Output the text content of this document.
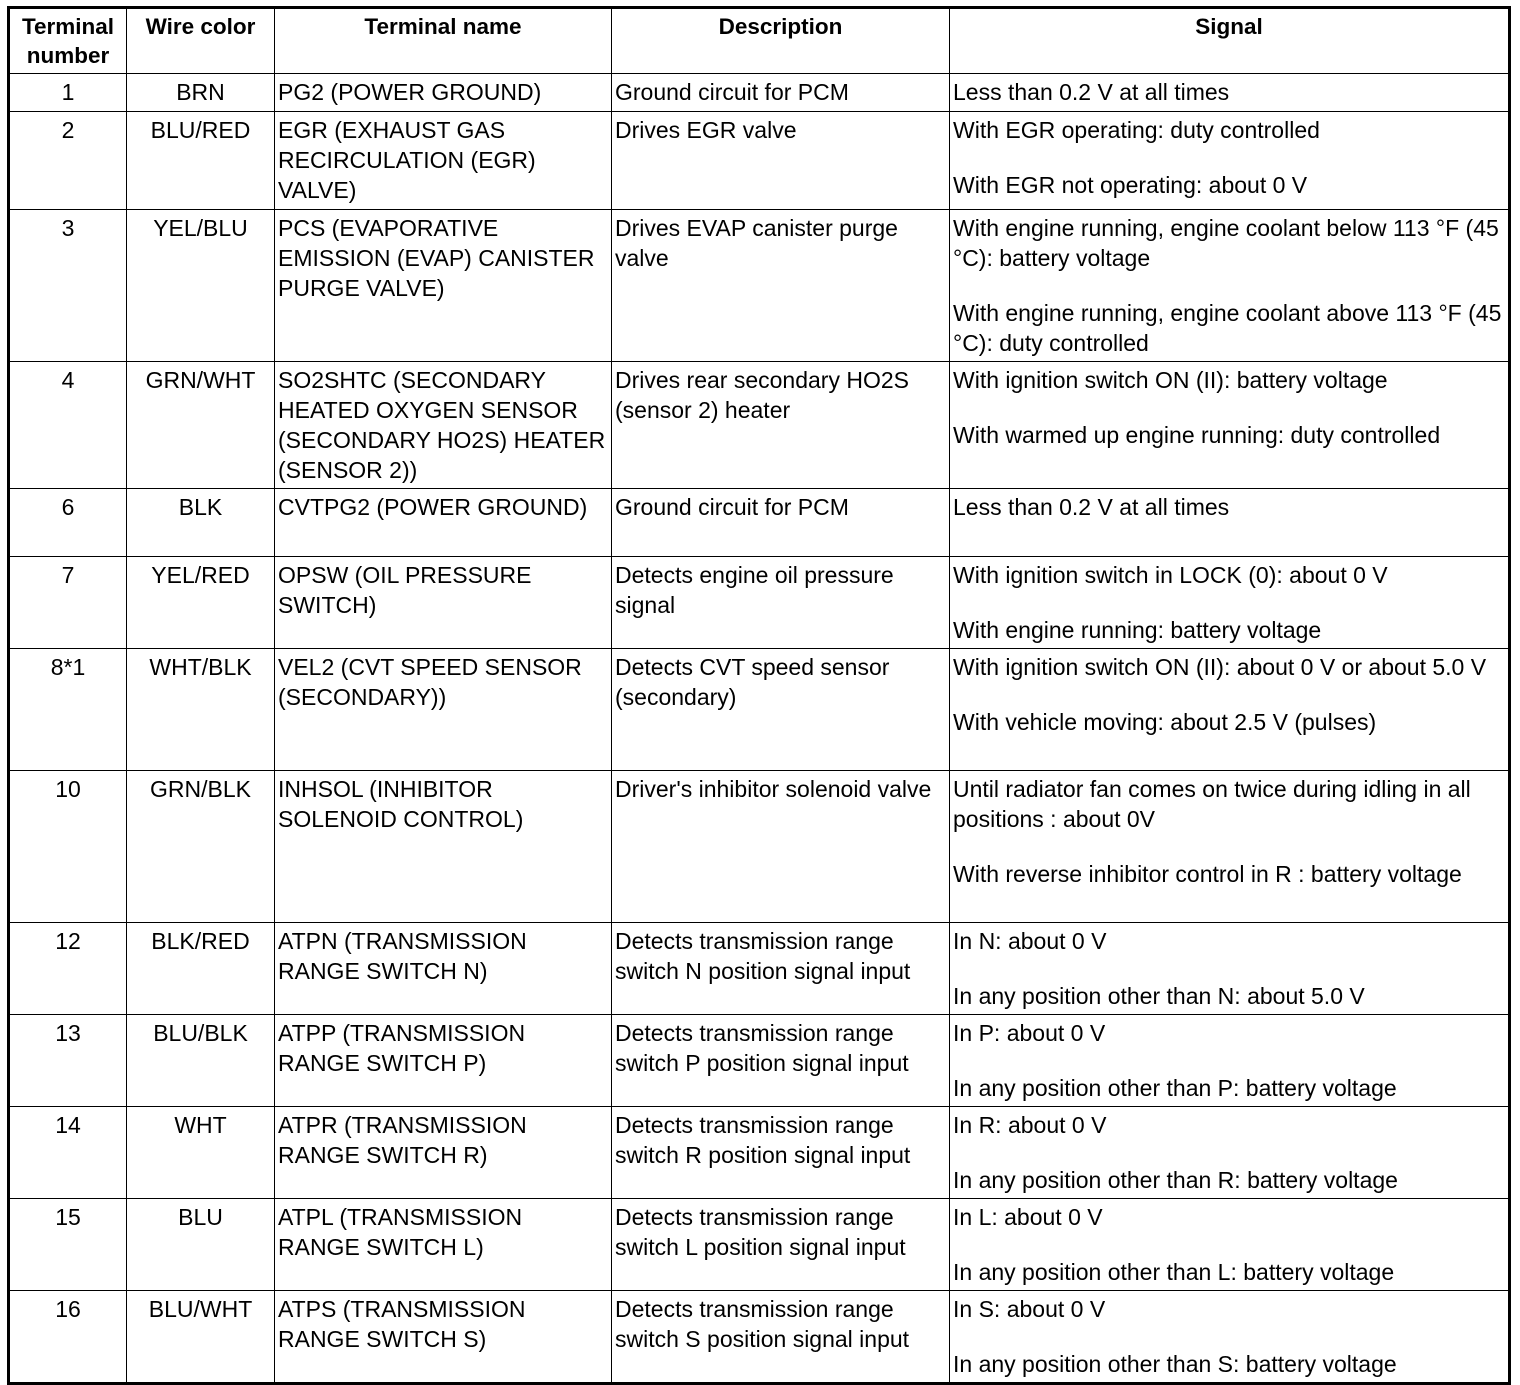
Terminal number	Wire color	Terminal name	Description	Signal
1	BRN	PG2 (POWER GROUND)	Ground circuit for PCM	Less than 0.2 V at all times

2	BLU/RED	EGR (EXHAUST GAS RECIRCULATION (EGR) VALVE)	Drives EGR valve	With EGR operating: duty controlled
With EGR not operating: about 0 V

3	YEL/BLU	PCS (EVAPORATIVE EMISSION (EVAP) CANISTER PURGE VALVE)	Drives EVAP canister purge valve	With engine running, engine coolant below 113 °F (45 °C): battery voltage
With engine running, engine coolant above 113 °F (45 °C): duty controlled

4	GRN/WHT	SO2SHTC (SECONDARY HEATED OXYGEN SENSOR (SECONDARY HO2S) HEATER (SENSOR 2))	Drives rear secondary HO2S (sensor 2) heater	With ignition switch ON (II): battery voltage
With warmed up engine running: duty controlled

6	BLK	CVTPG2 (POWER GROUND)	Ground circuit for PCM	Less than 0.2 V at all times

7	YEL/RED	OPSW (OIL PRESSURE SWITCH)	Detects engine oil pressure signal	With ignition switch in LOCK (0): about 0 V
With engine running: battery voltage

8*1	WHT/BLK	VEL2 (CVT SPEED SENSOR (SECONDARY))	Detects CVT speed sensor (secondary)	With ignition switch ON (II): about 0 V or about 5.0 V
With vehicle moving: about 2.5 V (pulses)

10	GRN/BLK	INHSOL (INHIBITOR SOLENOID CONTROL)	Driver's inhibitor solenoid valve	Until radiator fan comes on twice during idling in all positions : about 0V
With reverse inhibitor control in R : battery voltage

12	BLK/RED	ATPN (TRANSMISSION RANGE SWITCH N)	Detects transmission range switch N position signal input	In N: about 0 V
In any position other than N: about 5.0 V

13	BLU/BLK	ATPP (TRANSMISSION RANGE SWITCH P)	Detects transmission range switch P position signal input	In P: about 0 V
In any position other than P: battery voltage

14	WHT	ATPR (TRANSMISSION RANGE SWITCH R)	Detects transmission range switch R position signal input	In R: about 0 V
In any position other than R: battery voltage

15	BLU	ATPL (TRANSMISSION RANGE SWITCH L)	Detects transmission range switch L position signal input	In L: about 0 V
In any position other than L: battery voltage

16	BLU/WHT	ATPS (TRANSMISSION RANGE SWITCH S)	Detects transmission range switch S position signal input	In S: about 0 V
In any position other than S: battery voltage
